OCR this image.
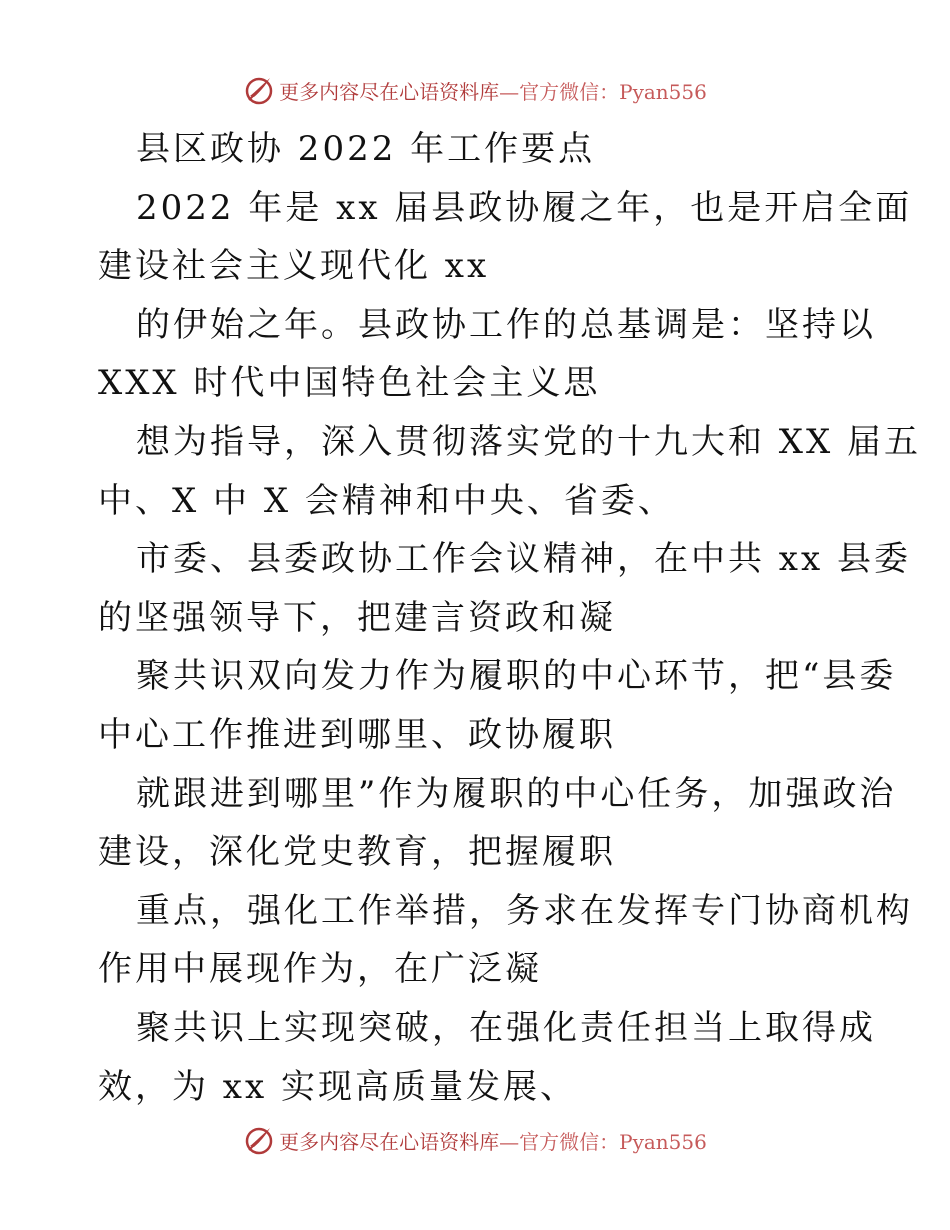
更多内容尽在心语资料库—官方微信：Pyan556
县区政协 2022 年工作要点
2022 年是 xx 届县政协履之年，也是开启全面
建设社会主义现代化 xx
的伊始之年。县政协工作的总基调是：坚持以
XXX 时代中国特色社会主义思
想为指导，深入贯彻落实党的十九大和 XX 届五
中、X 中 X 会精神和中央、省委、
市委、县委政协工作会议精神，在中共 xx 县委
的坚强领导下，把建言资政和凝
聚共识双向发力作为履职的中心环节，把“县委
中心工作推进到哪里、政协履职
就跟进到哪里”作为履职的中心任务，加强政治
建设，深化党史教育，把握履职
重点，强化工作举措，务求在发挥专门协商机构
作用中展现作为，在广泛凝
聚共识上实现突破，在强化责任担当上取得成
效，为 xx 实现高质量发展、
更多内容尽在心语资料库—官方微信：Pyan556
